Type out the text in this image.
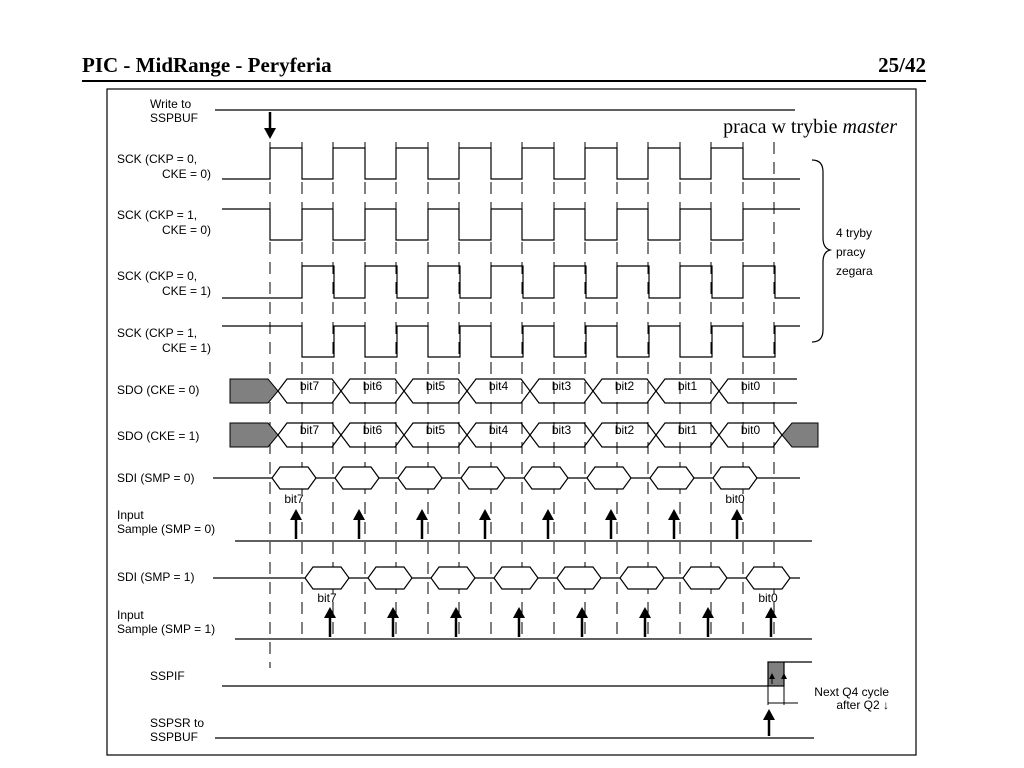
PIC - MidRange - Peryferia	25/42
Write to
SSPBUF
SCK (CKP = 0,
CKE = 0)
SCK (CKP = 1,
CKE = 0)
SCK (CKP = 0,
CKE = 1)
SCK (CKP = 1,
CKE = 1)
SDO (CKE = 0)
SDO (CKE = 1)
SDI (SMP = 0)
Input
Sample (SMP = 0)
SDI (SMP = 1)
Input
Sample (SMP = 1)
SSPIF
SSPSR to
SSPBUF
praca w trybie master
4 tryby
pracy
zegara
Next Q4 cycle
after Q2 ↓
bit7	bit6	bit5	bit4	bit3	bit2	bit1	bit0
bit7	bit6	bit5	bit4	bit3	bit2	bit1	bit0
bit7	bit0
bit7	bit0
